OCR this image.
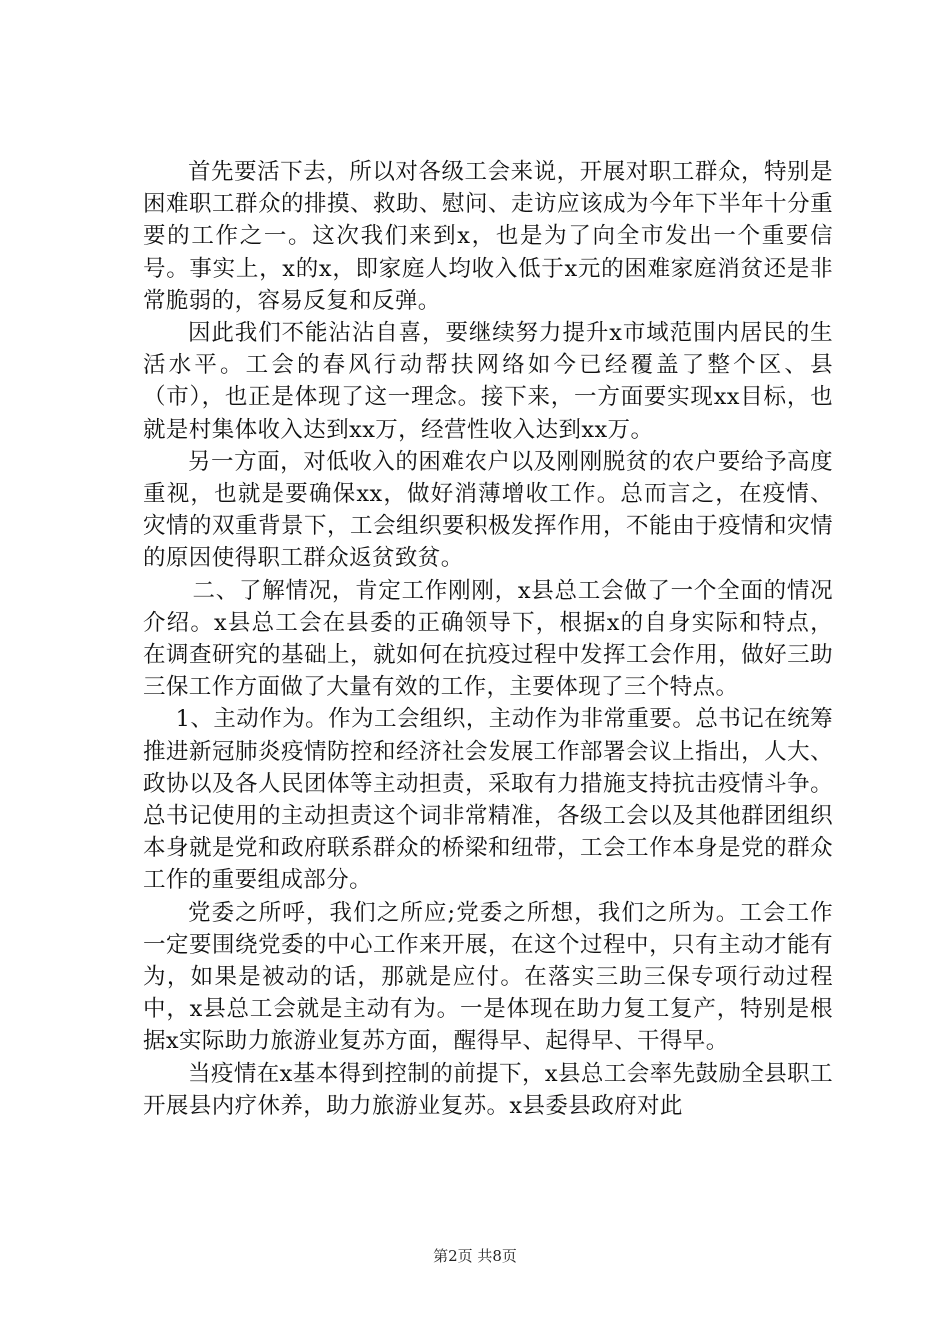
首先要活下去，所以对各级工会来说，开展对职工群众，特别是困难职工群众的排摸、救助、慰问、走访应该成为今年下半年十分重要的工作之一。这次我们来到x，也是为了向全市发出一个重要信号。事实上，x的x，即家庭人均收入低于x元的困难家庭消贫还是非常脆弱的，容易反复和反弹。

因此我们不能沾沾自喜，要继续努力提升x市域范围内居民的生活水平。工会的春风行动帮扶网络如今已经覆盖了整个区、县（市），也正是体现了这一理念。接下来，一方面要实现xx目标，也就是村集体收入达到xx万，经营性收入达到xx万。

另一方面，对低收入的困难农户以及刚刚脱贫的农户要给予高度重视，也就是要确保xx，做好消薄增收工作。总而言之，在疫情、灾情的双重背景下，工会组织要积极发挥作用，不能由于疫情和灾情的原因使得职工群众返贫致贫。

二、了解情况，肯定工作刚刚，x县总工会做了一个全面的情况介绍。x县总工会在县委的正确领导下，根据x的自身实际和特点，在调查研究的基础上，就如何在抗疫过程中发挥工会作用，做好三助三保工作方面做了大量有效的工作，主要体现了三个特点。

1、主动作为。作为工会组织，主动作为非常重要。总书记在统筹推进新冠肺炎疫情防控和经济社会发展工作部署会议上指出，人大、政协以及各人民团体等主动担责，采取有力措施支持抗击疫情斗争。总书记使用的主动担责这个词非常精准，各级工会以及其他群团组织本身就是党和政府联系群众的桥梁和纽带，工会工作本身是党的群众工作的重要组成部分。

党委之所呼，我们之所应;党委之所想，我们之所为。工会工作一定要围绕党委的中心工作来开展，在这个过程中，只有主动才能有为，如果是被动的话，那就是应付。在落实三助三保专项行动过程中，x县总工会就是主动有为。一是体现在助力复工复产，特别是根据x实际助力旅游业复苏方面，醒得早、起得早、干得早。

当疫情在x基本得到控制的前提下，x县总工会率先鼓励全县职工开展县内疗休养，助力旅游业复苏。x县委县政府对此

第2页 共8页
